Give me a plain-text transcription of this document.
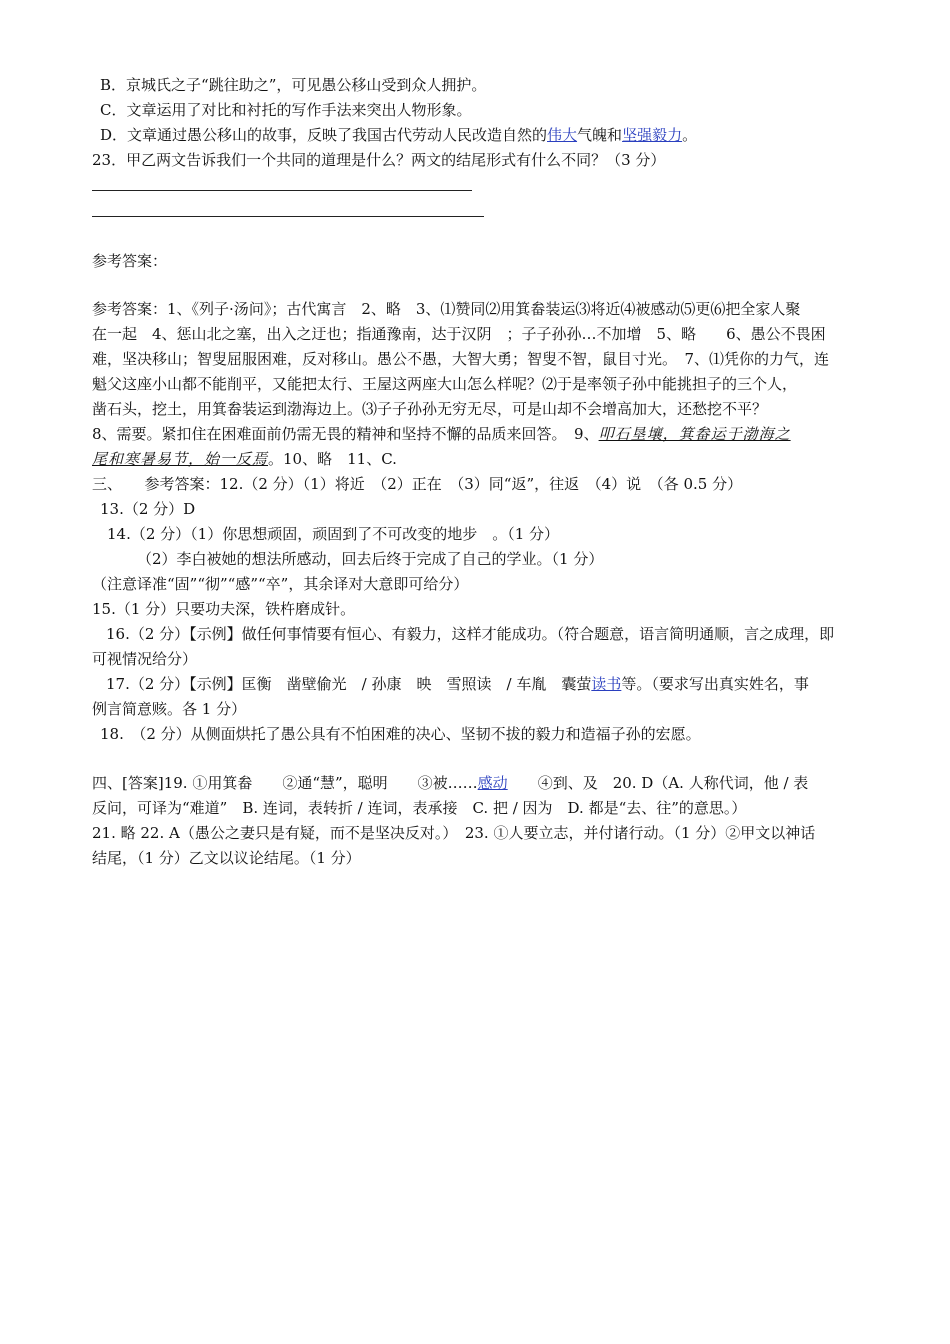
B．京城氏之子“跳往助之”，可见愚公移山受到众人拥护。
C．文章运用了对比和衬托的写作手法来突出人物形象。
D．文章通过愚公移山的故事，反映了我国古代劳动人民改造自然的伟大气魄和坚强毅力。
23．甲乙两文告诉我们一个共同的道理是什么？两文的结尾形式有什么不同？（3 分）
参考答案：
参考答案：1、《列子·汤问》；古代寓言　2、略　3、⑴赞同⑵用箕畚装运⑶将近⑷被感动⑸更⑹把全家人聚
在一起　4、惩山北之塞，出入之迂也；指通豫南，达于汉阴　；子子孙孙…不加增　5、略　　6、愚公不畏困
难，坚决移山；智叟屈服困难，反对移山。愚公不愚，大智大勇；智叟不智，鼠目寸光。　7、⑴凭你的力气，连
魁父这座小山都不能削平，又能把太行、王屋这两座大山怎么样呢？⑵于是率领子孙中能挑担子的三个人，
凿石头，挖土，用箕畚装运到渤海边上。⑶子子孙孙无穷无尽，可是山却不会增高加大，还愁挖不平？
8、需要。紧扣住在困难面前仍需无畏的精神和坚持不懈的品质来回答。　9、叩石垦壤，箕畚运于渤海之
尾和寒暑易节，始一反焉。10、略　11、C.
三、　　参考答案：12.（2 分）（1）将近　（2）正在　（3）同“返”，往返　（4）说　（各 0.5 分）
13.（2 分）D
14.（2 分）（1）你思想顽固，顽固到了不可改变的地步　。（1 分）
（2）李白被她的想法所感动，回去后终于完成了自己的学业。（1 分）
（注意译准“固”“彻”“感”“卒”，其余译对大意即可给分）
15.（1 分）只要功夫深，铁杵磨成针。
16.（2 分）【示例】做任何事情要有恒心、有毅力，这样才能成功。（符合题意，语言简明通顺，言之成理，即
可视情况给分）
17.（2 分）【示例】匡衡　凿壁偷光　/ 孙康　映　雪照读　/ 车胤　囊萤读书等。（要求写出真实姓名，事
例言简意赅。各 1 分）
18.　（2 分）从侧面烘托了愚公具有不怕困难的决心、坚韧不拔的毅力和造福子孙的宏愿。
四、[答案]19. ①用箕畚　　②通“慧”，聪明　　③被……感动　　④到、及　20. D（A. 人称代词，他 / 表
反问，可译为“难道”　B. 连词，表转折 / 连词，表承接　C. 把 / 因为　D. 都是“去、往”的意思。）
21. 略 22. A（愚公之妻只是有疑，而不是坚决反对。）　23. ①人要立志，并付诸行动。（1 分）②甲文以神话
结尾，（1 分）乙文以议论结尾。（1 分）
